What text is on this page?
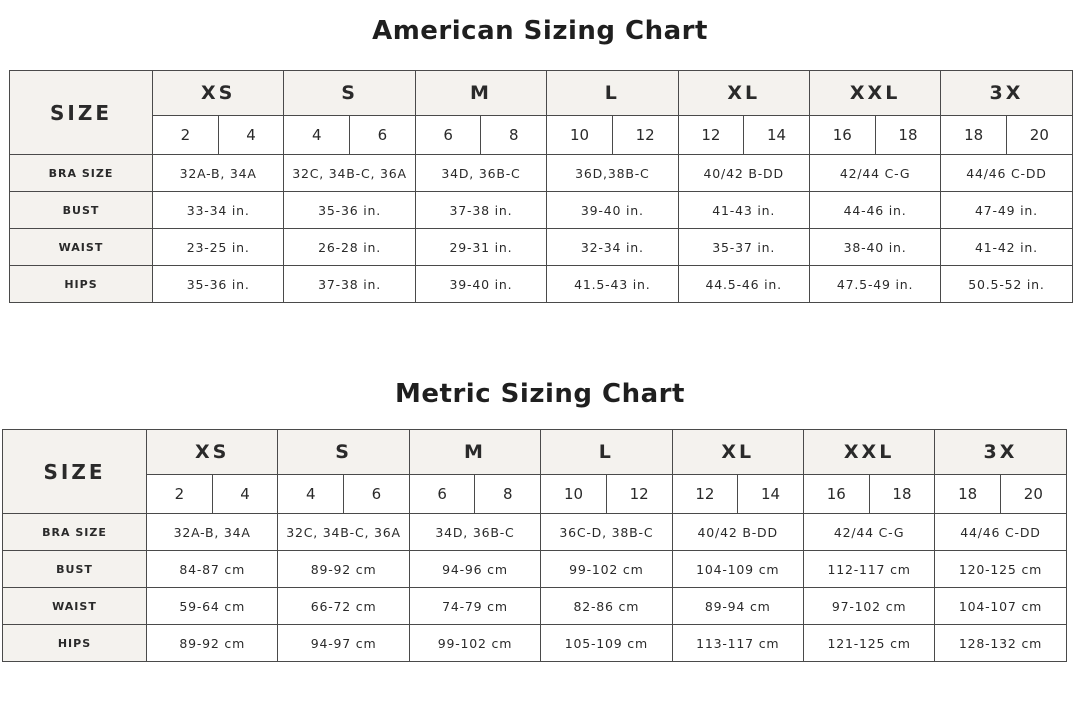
American Sizing Chart
SIZE	XS		S		M		L		XL		XXL		3X	
	2	4	4	6	6	8	10	12	12	14	16	18	18	20
BRA SIZE	32A-B, 34A		32C, 34B-C, 36A		34D, 36B-C		36D,38B-C		40/42 B-DD		42/44 C-G		44/46 C-DD	
BUST	33-34 in.		35-36 in.		37-38 in.		39-40 in.		41-43 in.		44-46 in.		47-49 in.	
WAIST	23-25 in.		26-28 in.		29-31 in.		32-34 in.		35-37 in.		38-40 in.		41-42 in.	
HIPS	35-36 in.		37-38 in.		39-40 in.		41.5-43 in.		44.5-46 in.		47.5-49 in.		50.5-52 in.	
Metric Sizing Chart
SIZE	XS		S		M		L		XL		XXL		3X	
	2	4	4	6	6	8	10	12	12	14	16	18	18	20
BRA SIZE	32A-B, 34A		32C, 34B-C, 36A		34D, 36B-C		36C-D, 38B-C		40/42 B-DD		42/44 C-G		44/46 C-DD	
BUST	84-87 cm		89-92 cm		94-96 cm		99-102 cm		104-109 cm		112-117 cm		120-125 cm	
WAIST	59-64 cm		66-72 cm		74-79 cm		82-86 cm		89-94 cm		97-102 cm		104-107 cm	
HIPS	89-92 cm		94-97 cm		99-102 cm		105-109 cm		113-117 cm		121-125 cm		128-132 cm	
